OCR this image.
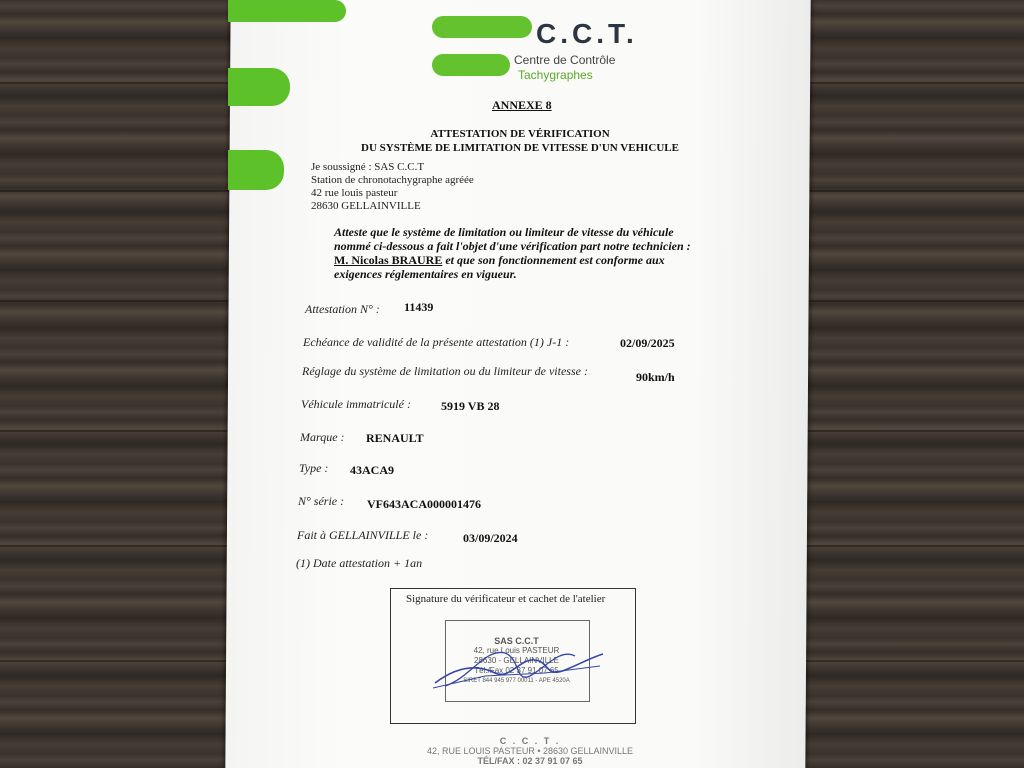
C.C.T.
Centre de Contrôle
Tachygraphes
ANNEXE 8
ATTESTATION DE VÉRIFICATION
DU SYSTÈME DE LIMITATION DE VITESSE D'UN VEHICULE
Je soussigné : SAS C.C.T
Station de chronotachygraphe agréée
42 rue louis pasteur
28630 GELLAINVILLE
Atteste que le système de limitation ou limiteur de vitesse du véhicule
nommé ci-dessous a fait l'objet d'une vérification part notre technicien :
M. Nicolas BRAURE et que son fonctionnement est conforme aux
exigences réglementaires en vigueur.
Attestation N° : 11439
Echéance de validité de la présente attestation (1) J-1 :	02/09/2025
Réglage du système de limitation ou du limiteur de vitesse :	90km/h
Véhicule immatriculé :	5919 VB 28
Marque : RENAULT
Type : 43ACA9
N° série : VF643ACA000001476
Fait à GELLAINVILLE le :	03/09/2024
(1) Date attestation + 1an
Signature du vérificateur et cachet de l'atelier
SAS C.C.T
42, rue Louis PASTEUR
28630 - GELLAINVILLE
Tél./Fax 02 37 91 07 65
SIRET 844 945 977 00011 - APE 4520A
C . C . T .
42, RUE LOUIS PASTEUR • 28630 GELLAINVILLE
TÉL/FAX : 02 37 91 07 65
